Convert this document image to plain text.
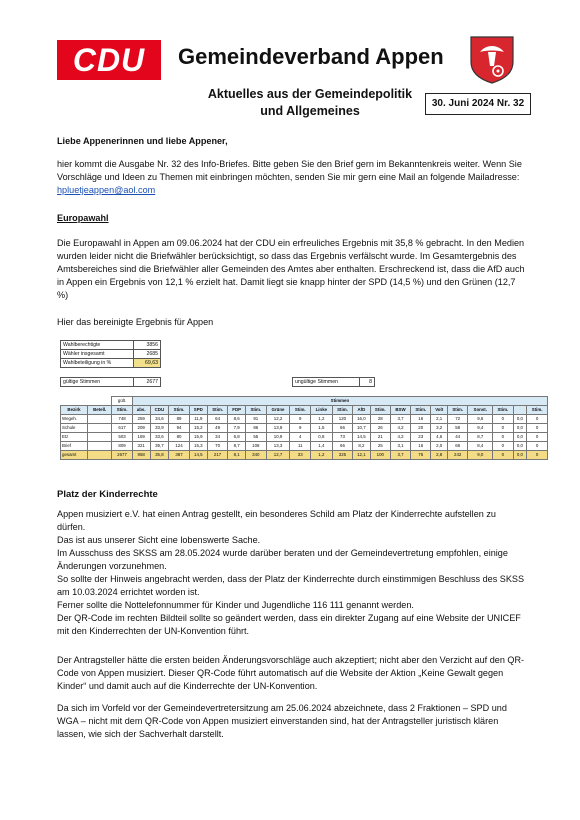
CDU	Gemeindeverband Appen
Aktuelles aus der Gemeindepolitik
und Allgemeines
30. Juni 2024 Nr. 32
Liebe Appenerinnen und liebe Appener,
hier kommt die Ausgabe Nr. 32 des Info-Briefes. Bitte geben Sie den Brief gern im Bekanntenkreis weiter. Wenn Sie Vorschläge und Ideen zu Themen mit einbringen möchten, senden Sie mir gern eine Mail an folgende Mailadresse: hpluetjeappen@aol.com
Europawahl
Die Europawahl in Appen am 09.06.2024 hat der CDU ein erfreuliches Ergebnis mit 35,8 % gebracht. In den Medien wurden leider nicht die Briefwähler berücksichtigt, so dass das Ergebnis verfälscht wurde. Im Gesamtergebnis des Amtsbereiches sind die Briefwähler aller Gemeinden des Amtes aber enthalten. Erschreckend ist, dass die AfD auch in Appen ein Ergebnis von 12,1 % erzielt hat. Damit liegt sie knapp hinter der SPD (14,5 %) und den Grünen (12,7 %)
Hier das bereinigte Ergebnis für Appen
Wahlberechtigte	3856
Wähler insgesamt	2685
Wahlbeteiligung in %	69,63
gültige Stimmen	2677	ungültige Stimmen	8
		gült.	Stimmen																				
Bezirk	Betell.	Stim.	abs.	CDU	Stim.	SPD	Stim.	FDP	Stim.	Grüne	Stim.	Linke	Stim.	AfD	Stim.	BSW	Stim.	Volt	Stim.	Sonst.	Stim.		Stim.
Wegeh.		748	259	34,6	89	11,9	64	8,6	91	12,2	9	1,2	120	16,0	28	3,7	16	2,1	72	9,6	0	0,0	0
Schule		617	209	33,9	94	15,2	49	7,9	86	13,9	9	1,5	66	10,7	26	4,2	20	3,2	58	9,4	0	0,0	0
Etz		503	169	33,6	80	15,9	34	6,8	55	10,9	4	0,8	73	14,5	21	4,2	23	4,6	44	8,7	0	0,0	0
Brief		809	321	39,7	124	15,3	70	8,7	108	13,3	11	1,4	66	8,2	25	3,1	16	2,0	68	8,4	0	0,0	0
gesamt		2677	958	35,8	387	14,5	217	8,1	340	12,7	33	1,2	325	12,1	100	3,7	75	2,8	242	9,0	0	0,0	0
Platz der Kinderrechte

Appen musiziert e.V. hat einen Antrag gestellt, ein besonderes Schild am Platz der Kinderrechte aufstellen zu dürfen.

Das ist aus unserer Sicht eine lobenswerte Sache.

Im Ausschuss des SKSS am 28.05.2024 wurde darüber beraten und der Gemeindevertretung empfohlen, einige Änderungen vorzunehmen.

So sollte der Hinweis angebracht werden, dass der Platz der Kinderrechte durch einstimmigen Beschluss des SKSS am 10.03.2024 errichtet worden ist.

Ferner sollte die Nottelefonnummer für Kinder und Jugendliche 116 111 genannt werden.

Der QR-Code im rechten Bildteil sollte so geändert werden, dass ein direkter Zugang auf eine Website der UNICEF mit den Kinderrechten der UN-Konvention führt.

Der Antragsteller hätte die ersten beiden Änderungsvorschläge auch akzeptiert; nicht aber den Verzicht auf den QR-Code von Appen musiziert. Dieser QR-Code führt automatisch auf die Website der Aktion „Keine Gewalt gegen Kinder“ und damit auch auf die Kinderrechte der UN-Konvention.
Da sich im Vorfeld vor der Gemeindevertretersitzung am 25.06.2024 abzeichnete, dass 2 Fraktionen – SPD und WGA – nicht mit dem QR-Code von Appen musiziert einverstanden sind, hat der Antragsteller juristisch klären lassen, wie sich der Sachverhalt darstellt.
